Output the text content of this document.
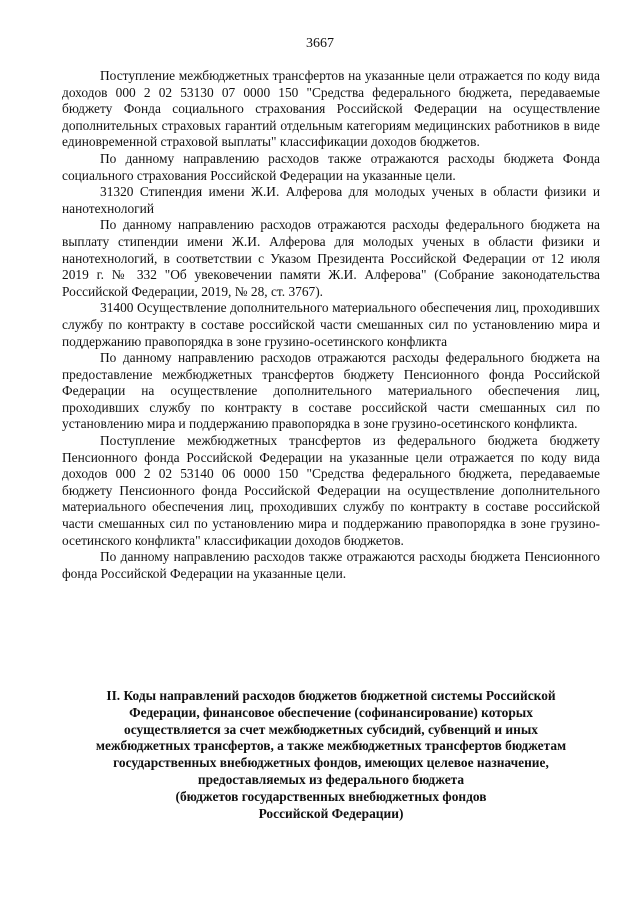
3667

Поступление межбюджетных трансфертов на указанные цели отражается по коду вида доходов 000 2 02 53130 07 0000 150 "Средства федерального бюджета, передаваемые бюджету Фонда социального страхования Российской Федерации на осуществление дополнительных страховых гарантий отдельным категориям медицинских работников в виде единовременной страховой выплаты" классификации доходов бюджетов.

По данному направлению расходов также отражаются расходы бюджета Фонда социального страхования Российской Федерации на указанные цели.

31320 Стипендия имени Ж.И. Алферова для молодых ученых в области физики и нанотехнологий

По данному направлению расходов отражаются расходы федерального бюджета на выплату стипендии имени Ж.И. Алферова для молодых ученых в области физики и нанотехнологий, в соответствии с Указом Президента Российской Федерации от 12 июля 2019 г. № 332 "Об увековечении памяти Ж.И. Алферова" (Собрание законодательства Российской Федерации, 2019, № 28, ст. 3767).

31400 Осуществление дополнительного материального обеспечения лиц, проходивших службу по контракту в составе российской части смешанных сил по установлению мира и поддержанию правопорядка в зоне грузино-осетинского конфликта

По данному направлению расходов отражаются расходы федерального бюджета на предоставление межбюджетных трансфертов бюджету Пенсионного фонда Российской Федерации на осуществление дополнительного материального обеспечения лиц, проходивших службу по контракту в составе российской части смешанных сил по установлению мира и поддержанию правопорядка в зоне грузино-осетинского конфликта.

Поступление межбюджетных трансфертов из федерального бюджета бюджету Пенсионного фонда Российской Федерации на указанные цели отражается по коду вида доходов 000 2 02 53140 06 0000 150 "Средства федерального бюджета, передаваемые бюджету Пенсионного фонда Российской Федерации на осуществление дополнительного материального обеспечения лиц, проходивших службу по контракту в составе российской части смешанных сил по установлению мира и поддержанию правопорядка в зоне грузино-осетинского конфликта" классификации доходов бюджетов.

По данному направлению расходов также отражаются расходы бюджета Пенсионного фонда Российской Федерации на указанные цели.

II. Коды направлений расходов бюджетов бюджетной системы Российской
Федерации, финансовое обеспечение (софинансирование) которых
осуществляется за счет межбюджетных субсидий, субвенций и иных
межбюджетных трансфертов, а также межбюджетных трансфертов бюджетам
государственных внебюджетных фондов, имеющих целевое назначение,
предоставляемых из федерального бюджета
(бюджетов государственных внебюджетных фондов
Российской Федерации)
